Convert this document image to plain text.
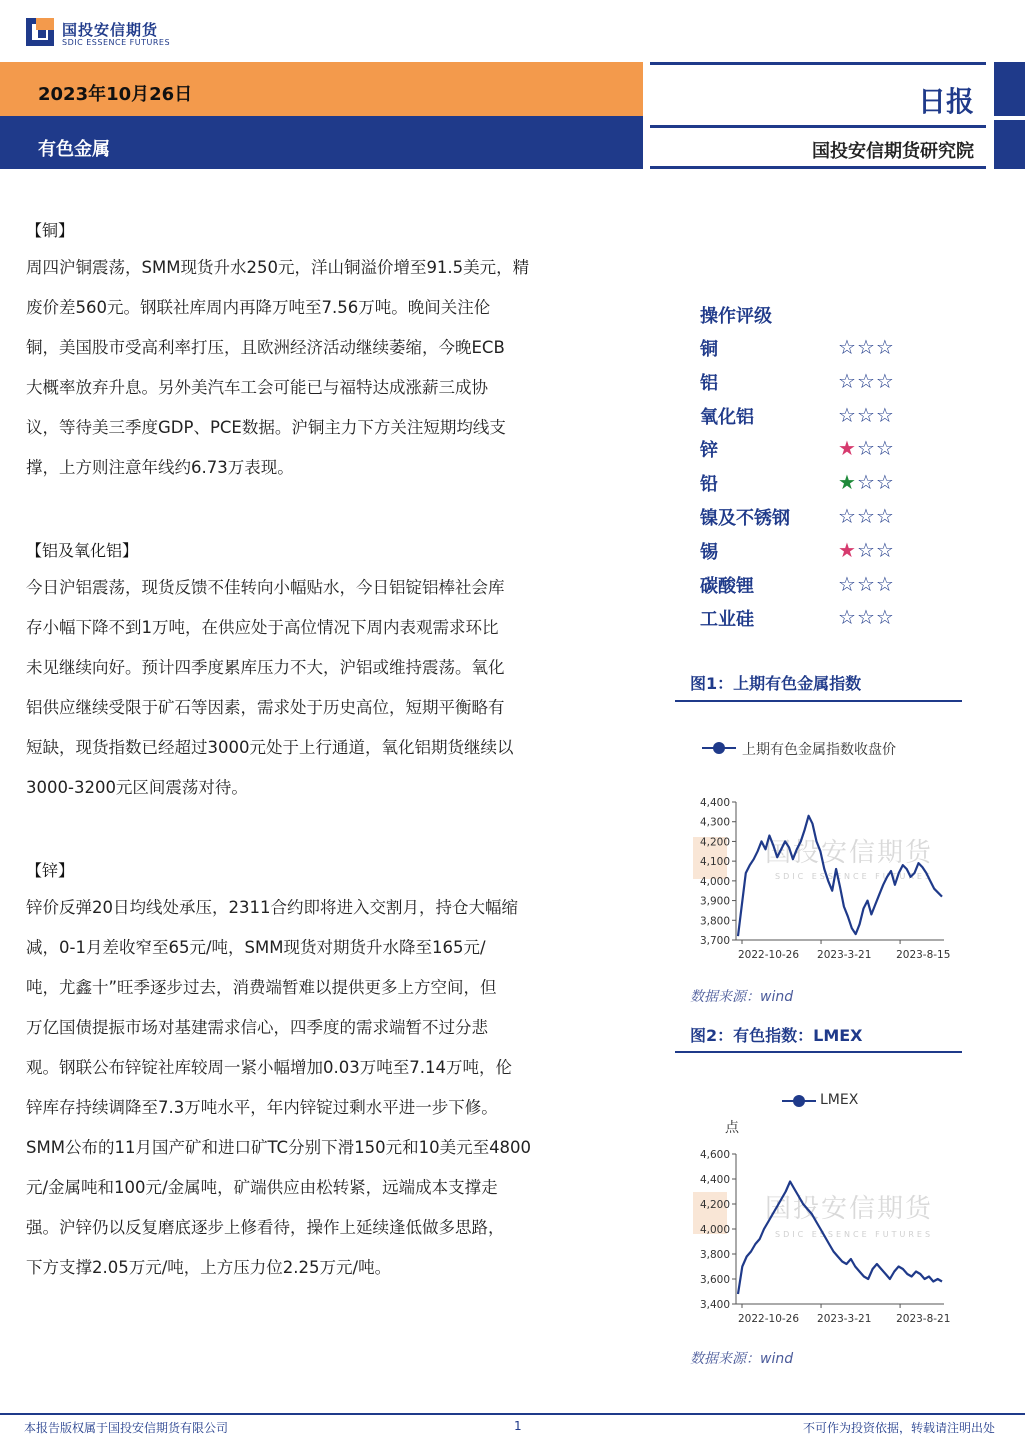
国投安信期货
SDIC ESSENCE FUTURES
2023年10月26日
有色金属
日报
国投安信期货研究院
【铜】
周四沪铜震荡，SMM现货升水250元，洋山铜溢价增至91.5美元，精
废价差560元。钢联社库周内再降万吨至7.56万吨。晚间关注伦
铜，美国股市受高利率打压，且欧洲经济活动继续萎缩，今晚ECB
大概率放弃升息。另外美汽车工会可能已与福特达成涨薪三成协
议，等待美三季度GDP、PCE数据。沪铜主力下方关注短期均线支
撑，上方则注意年线约6.73万表现。
【铝及氧化铝】
今日沪铝震荡，现货反馈不佳转向小幅贴水，今日铝锭铝棒社会库
存小幅下降不到1万吨，在供应处于高位情况下周内表观需求环比
未见继续向好。预计四季度累库压力不大，沪铝或维持震荡。氧化
铝供应继续受限于矿石等因素，需求处于历史高位，短期平衡略有
短缺，现货指数已经超过3000元处于上行通道，氧化铝期货继续以
3000-3200元区间震荡对待。
【锌】
锌价反弹20日均线处承压，2311合约即将进入交割月，持仓大幅缩
减，0-1月差收窄至65元/吨，SMM现货对期货升水降至165元/
吨，尤鑫十”旺季逐步过去，消费端暂难以提供更多上方空间，但
万亿国债提振市场对基建需求信心，四季度的需求端暂不过分悲
观。钢联公布锌锭社库较周一紧小幅增加0.03万吨至7.14万吨，伦
锌库存持续调降至7.3万吨水平，年内锌锭过剩水平进一步下修。
SMM公布的11月国产矿和进口矿TC分别下滑150元和10美元至4800
元/金属吨和100元/金属吨，矿端供应由松转紧，远端成本支撑走
强。沪锌仍以反复磨底逐步上修看待，操作上延续逢低做多思路，
下方支撑2.05万元/吨，上方压力位2.25万元/吨。
操作评级
铜	☆☆☆
铝	☆☆☆
氧化铝	☆☆☆
锌	★☆☆
铅	★☆☆
镍及不锈钢 ☆☆☆
锡	★☆☆
碳酸锂	☆☆☆
工业硅	☆☆☆
图1：上期有色金属指数
上期有色金属指数收盘价
国投安信期货
SDIC ESSENCE FUTURES
3,700
3,800
3,900
4,000
4,100
4,200
4,300
4,400
2022-10-26 2023-3-21 2023-8-15
数据来源：wind
图2：有色指数：LMEX
LMEX
点
国投安信期货
SDIC ESSENCE FUTURES
3,400
3,600
3,800
4,000
4,200
4,400
4,600
2022-10-26 2023-3-21 2023-8-21
数据来源：wind
本报告版权属于国投安信期货有限公司	1	不可作为投资依据，转载请注明出处
